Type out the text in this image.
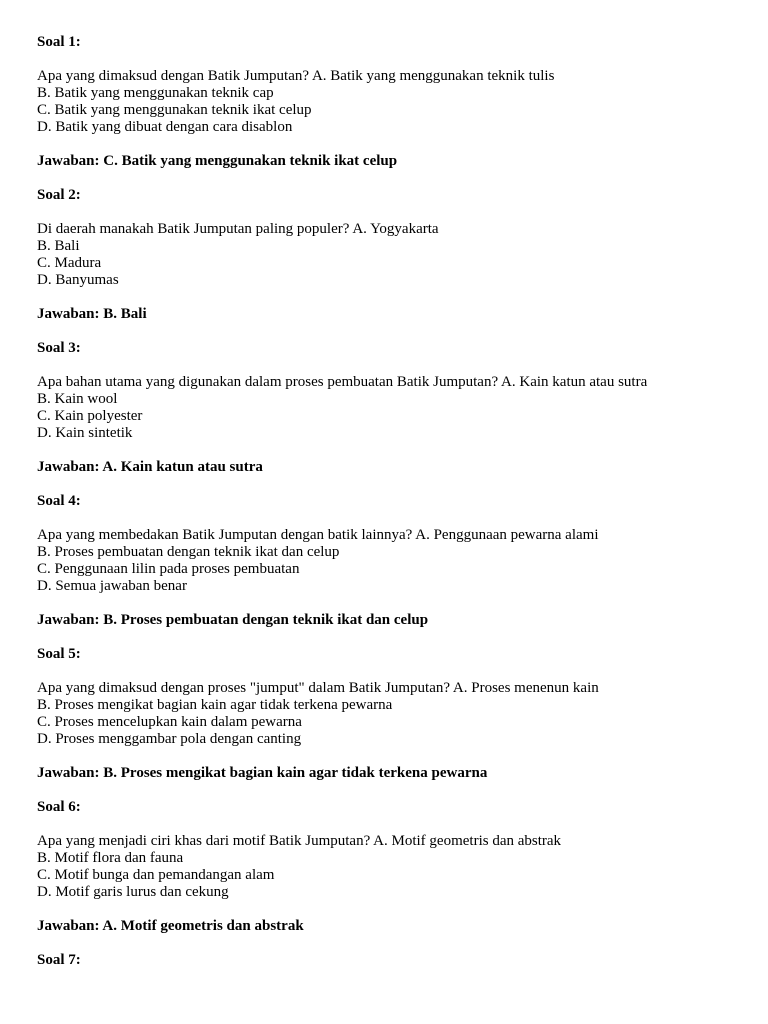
Soal 1:
Apa yang dimaksud dengan Batik Jumputan? A. Batik yang menggunakan teknik tulis
B. Batik yang menggunakan teknik cap
C. Batik yang menggunakan teknik ikat celup
D. Batik yang dibuat dengan cara disablon
Jawaban: C. Batik yang menggunakan teknik ikat celup
Soal 2:
Di daerah manakah Batik Jumputan paling populer? A. Yogyakarta
B. Bali
C. Madura
D. Banyumas
Jawaban: B. Bali
Soal 3:
Apa bahan utama yang digunakan dalam proses pembuatan Batik Jumputan? A. Kain katun atau sutra
B. Kain wool
C. Kain polyester
D. Kain sintetik
Jawaban: A. Kain katun atau sutra
Soal 4:
Apa yang membedakan Batik Jumputan dengan batik lainnya? A. Penggunaan pewarna alami
B. Proses pembuatan dengan teknik ikat dan celup
C. Penggunaan lilin pada proses pembuatan
D. Semua jawaban benar
Jawaban: B. Proses pembuatan dengan teknik ikat dan celup
Soal 5:
Apa yang dimaksud dengan proses "jumput" dalam Batik Jumputan? A. Proses menenun kain
B. Proses mengikat bagian kain agar tidak terkena pewarna
C. Proses mencelupkan kain dalam pewarna
D. Proses menggambar pola dengan canting
Jawaban: B. Proses mengikat bagian kain agar tidak terkena pewarna
Soal 6:
Apa yang menjadi ciri khas dari motif Batik Jumputan? A. Motif geometris dan abstrak
B. Motif flora dan fauna
C. Motif bunga dan pemandangan alam
D. Motif garis lurus dan cekung
Jawaban: A. Motif geometris dan abstrak
Soal 7:
